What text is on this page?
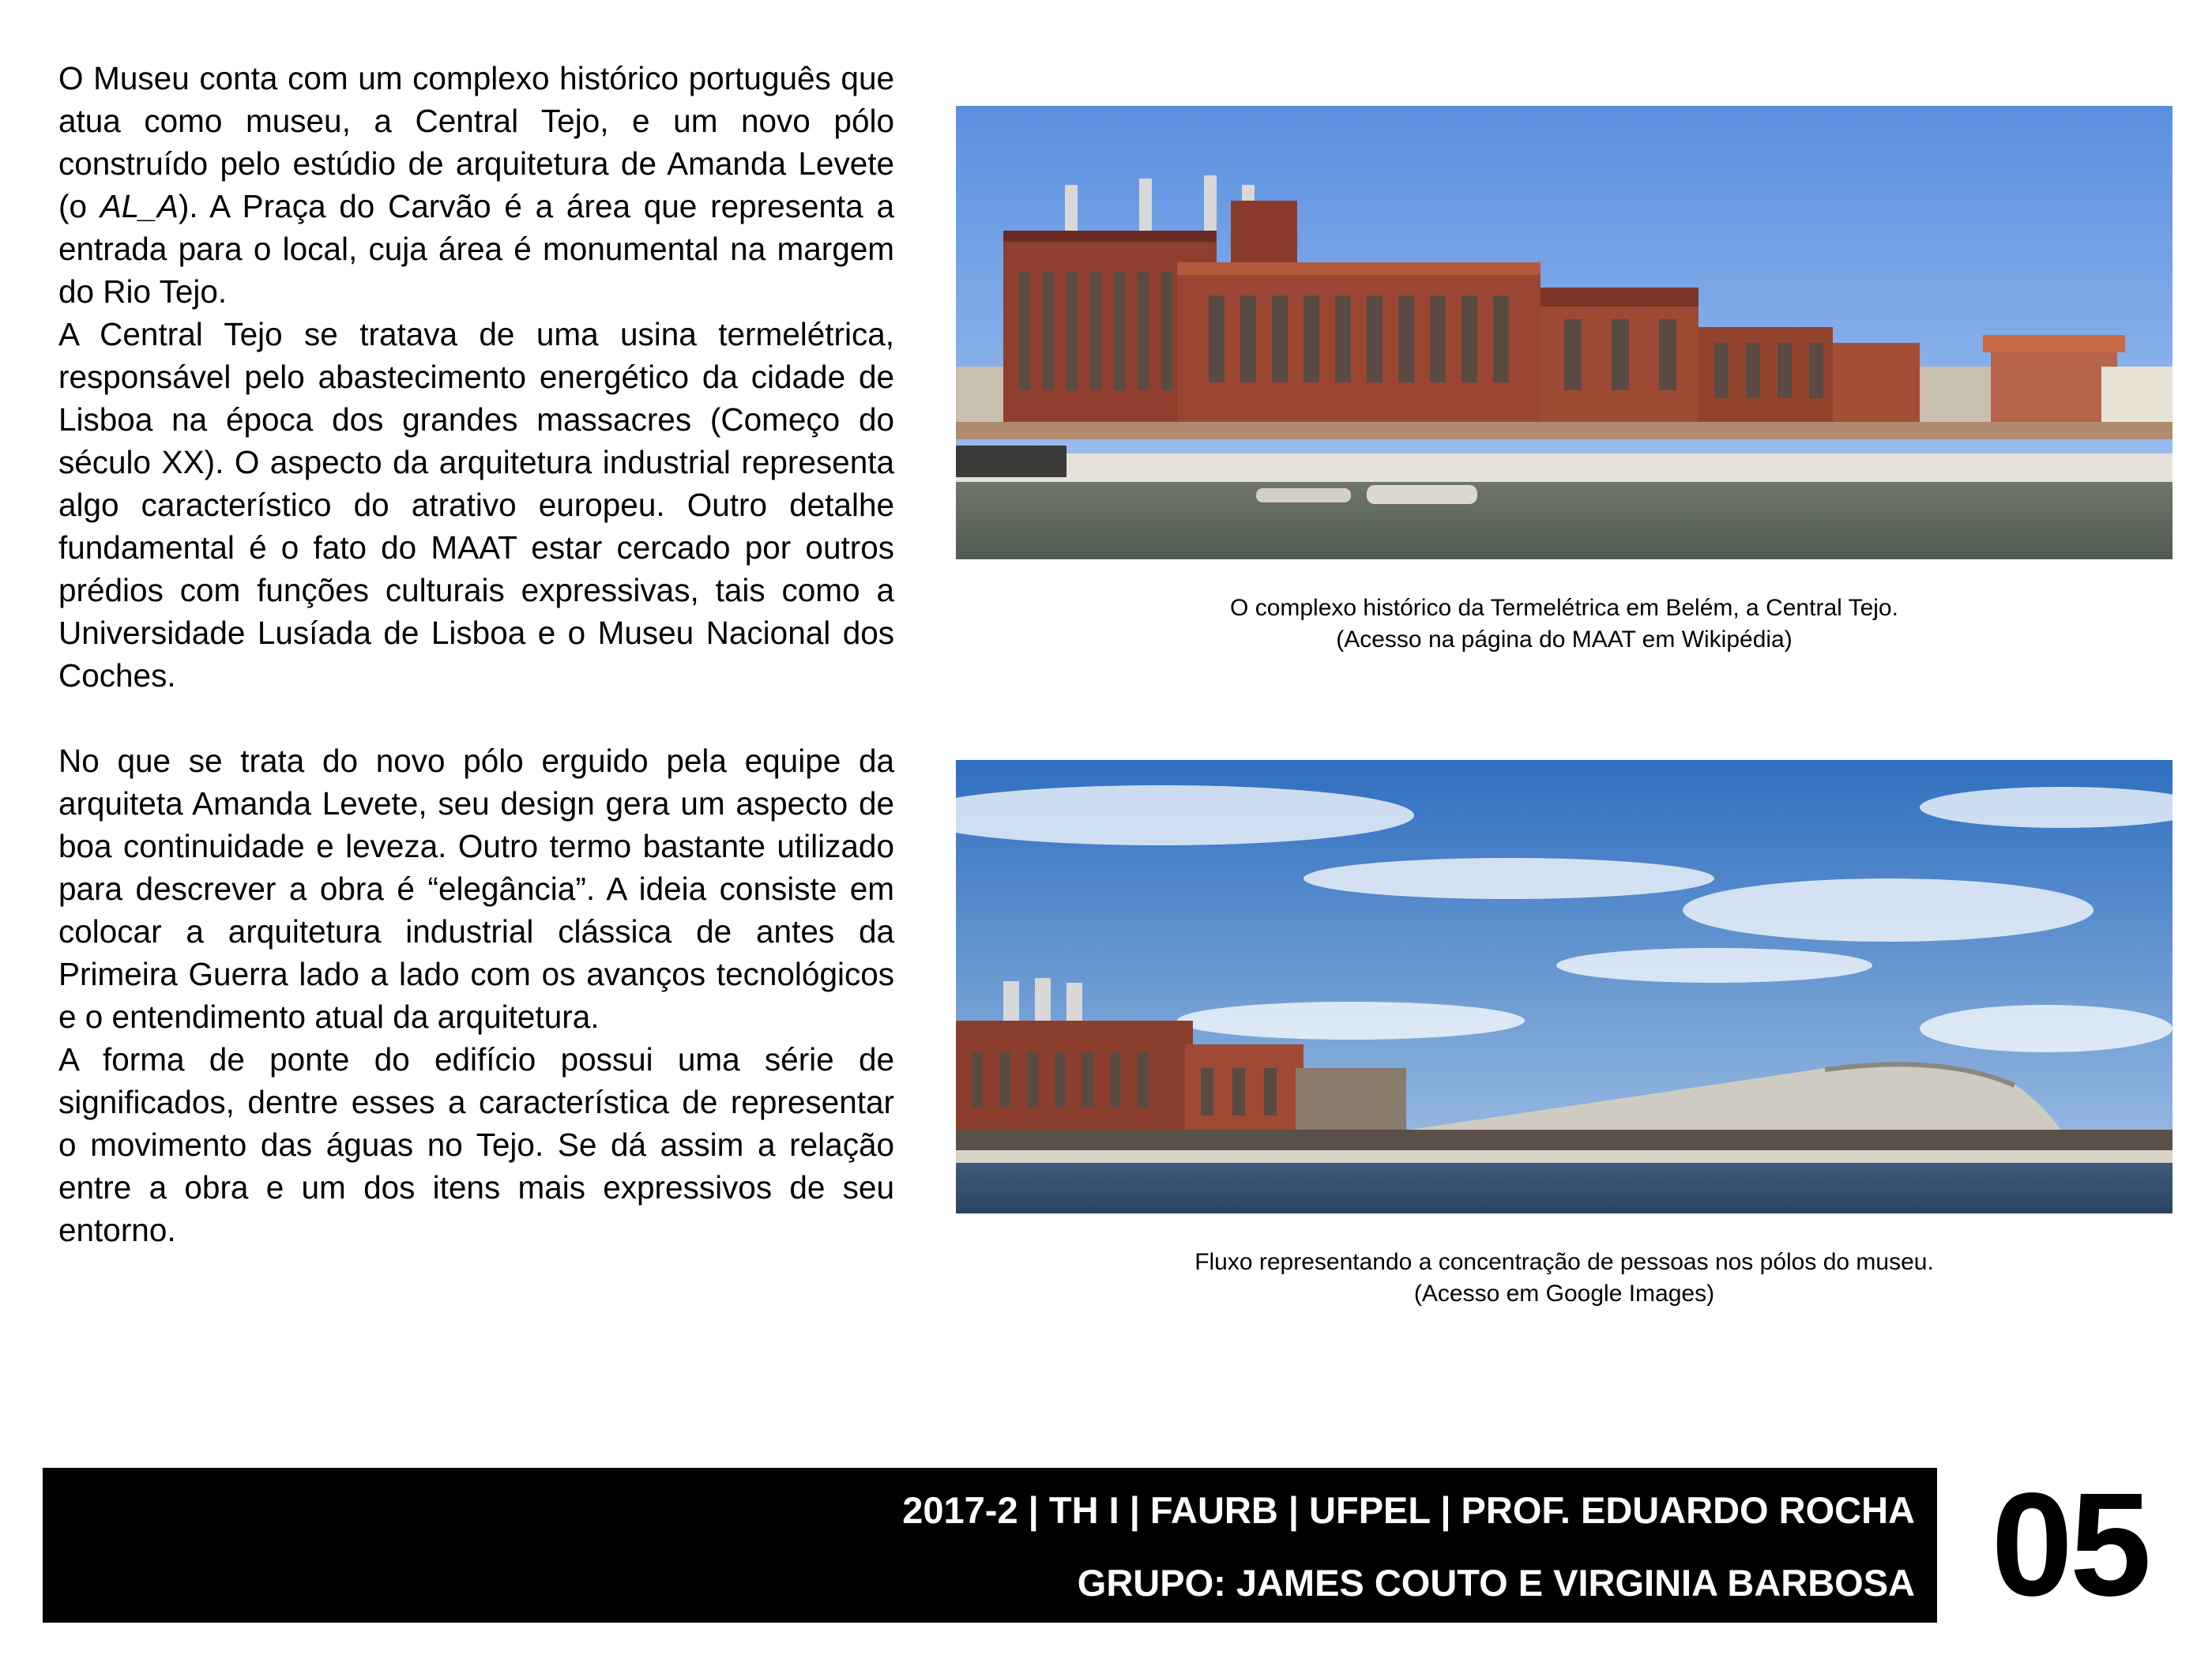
O Museu conta com um complexo histórico português que atua como museu, a Central Tejo, e um novo pólo construído pelo estúdio de arquitetura de Amanda Levete (o AL_A). A Praça do Carvão é a área que representa a entrada para o local, cuja área é monumental na margem do Rio Tejo.

A Central Tejo se tratava de uma usina termelétrica, responsável pelo abastecimento energético da cidade de Lisboa na época dos grandes massacres (Começo do século XX). O aspecto da arquitetura industrial representa algo característico do atrativo europeu. Outro detalhe fundamental é o fato do MAAT estar cercado por outros prédios com funções culturais expressivas, tais como a Universidade Lusíada de Lisboa e o Museu Nacional dos Coches.

No que se trata do novo pólo erguido pela equipe da arquiteta Amanda Levete, seu design gera um aspecto de boa continuidade e leveza. Outro termo bastante utilizado para descrever a obra é “elegância”. A ideia consiste em colocar a arquitetura industrial clássica de antes da Primeira Guerra lado a lado com os avanços tecnológicos e o entendimento atual da arquitetura.

A forma de ponte do edifício possui uma série de significados, dentre esses a característica de representar o movimento das águas no Tejo. Se dá assim a relação entre a obra e um dos itens mais expressivos de seu entorno.

O complexo histórico da Termelétrica em Belém, a Central Tejo.
(Acesso na página do MAAT em Wikipédia)
Fluxo representando a concentração de pessoas nos pólos do museu.
(Acesso em Google Images)
2017-2 | TH I | FAURB | UFPEL | PROF. EDUARDO ROCHA
GRUPO: JAMES COUTO E VIRGINIA BARBOSA 05
